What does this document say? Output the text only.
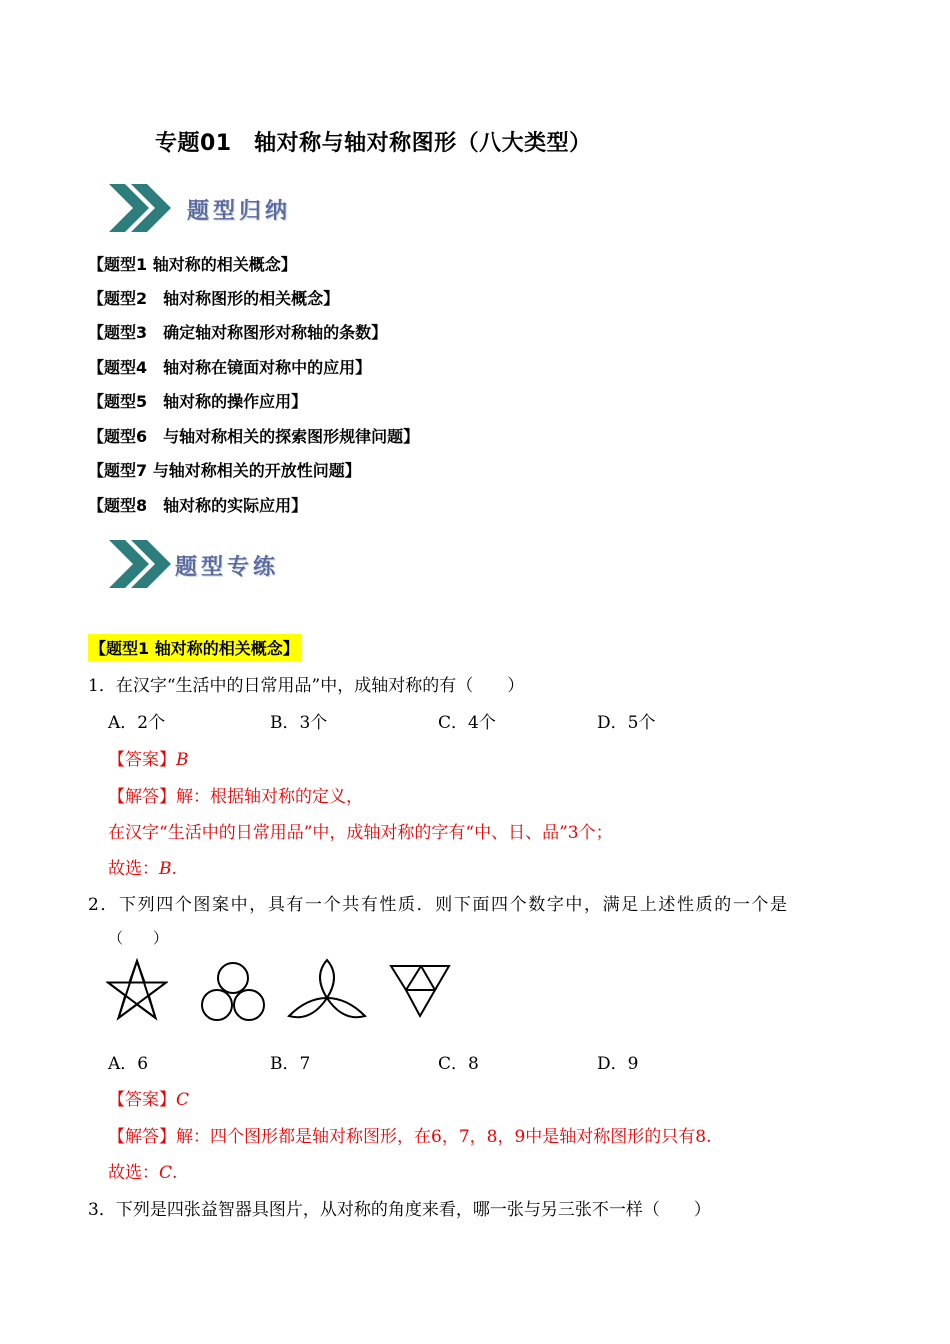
专题01　轴对称与轴对称图形（八大类型）
题型归纳
【题型1 轴对称的相关概念】
【题型2　轴对称图形的相关概念】
【题型3　确定轴对称图形对称轴的条数】
【题型4　轴对称在镜面对称中的应用】
【题型5　轴对称的操作应用】
【题型6　与轴对称相关的探索图形规律问题】
【题型7 与轴对称相关的开放性问题】
【题型8　轴对称的实际应用】
题型专练
【题型1 轴对称的相关概念】
1．在汉字“生活中的日常用品”中，成轴对称的有（　　）
A．2个	B．3个	C．4个	D．5个
【答案】B
【解答】解：根据轴对称的定义，
在汉字“生活中的日常用品”中，成轴对称的字有“中、日、品”3个；
故选：B.
2．下列四个图案中，具有一个共有性质．则下面四个数字中，满足上述性质的一个是
（　　）
A．6	B．7	C．8	D．9
【答案】C
【解答】解：四个图形都是轴对称图形，在6，7，8，9中是轴对称图形的只有8.
故选：C.
3．下列是四张益智器具图片，从对称的角度来看，哪一张与另三张不一样（　　）
